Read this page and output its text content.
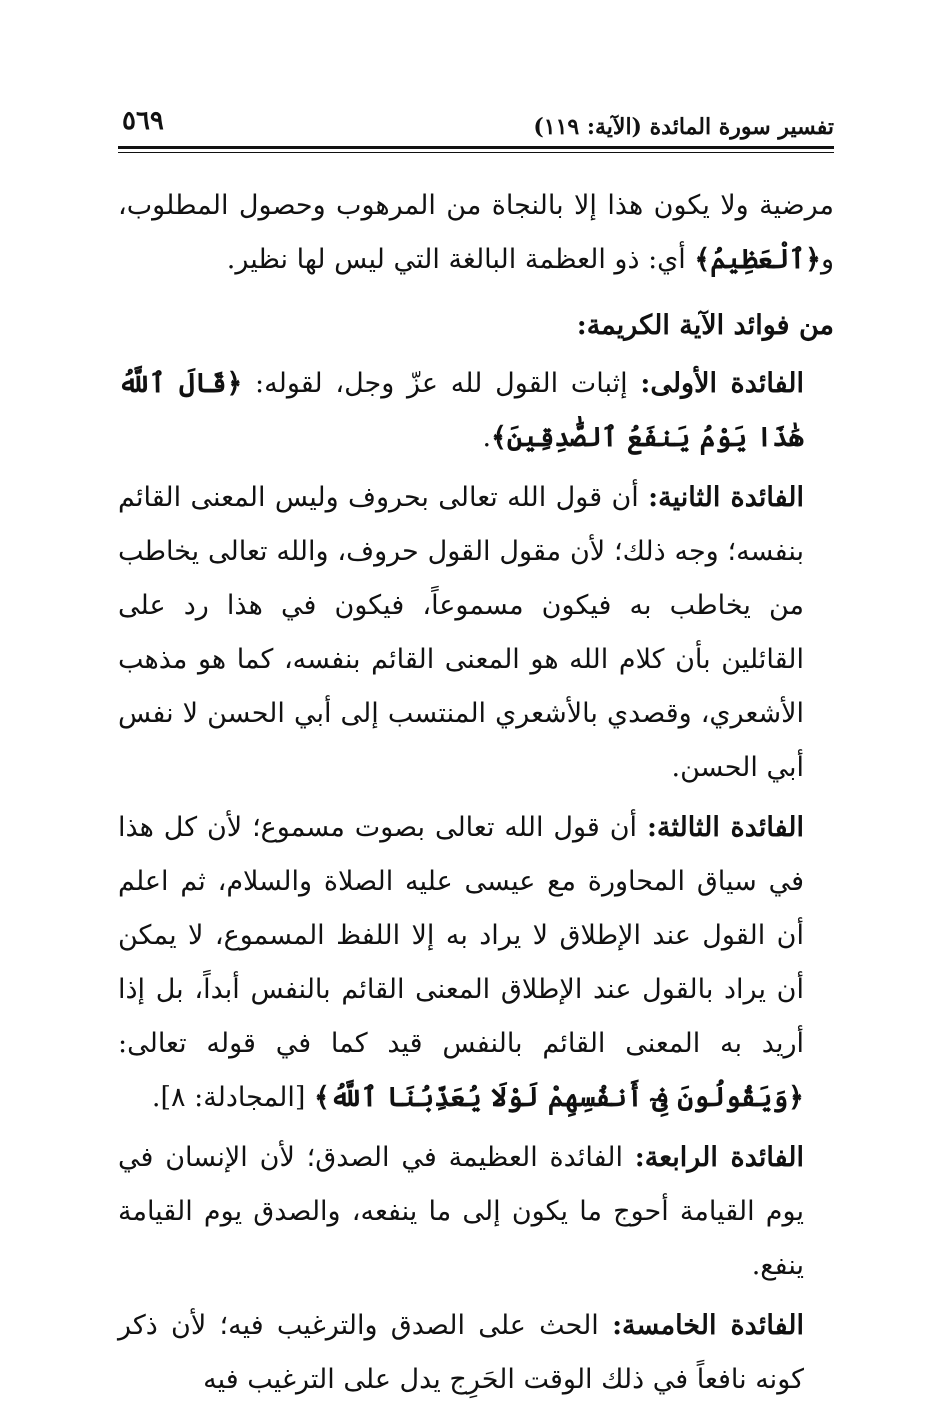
تفسير سورة المائدة (الآية: ١١٩)
٥٦٩

مرضية ولا يكون هذا إلا بالنجاة من المرهوب وحصول المطلوب، و﴿ٱلْعَظِيمُ﴾ أي: ذو العظمة البالغة التي ليس لها نظير.

من فوائد الآية الكريمة:

الفائدة الأولى: إثبات القول لله عزّ وجل، لقوله: ﴿قَالَ ٱللَّهُ هَٰذَا يَوْمُ يَنفَعُ ٱلصَّٰدِقِينَ﴾.

الفائدة الثانية: أن قول الله تعالى بحروف وليس المعنى القائم بنفسه؛ وجه ذلك؛ لأن مقول القول حروف، والله تعالى يخاطب من يخاطب به فيكون مسموعاً، فيكون في هذا رد على القائلين بأن كلام الله هو المعنى القائم بنفسه، كما هو مذهب الأشعري، وقصدي بالأشعري المنتسب إلى أبي الحسن لا نفس أبي الحسن.

الفائدة الثالثة: أن قول الله تعالى بصوت مسموع؛ لأن كل هذا في سياق المحاورة مع عيسى عليه الصلاة والسلام، ثم اعلم أن القول عند الإطلاق لا يراد به إلا اللفظ المسموع، لا يمكن أن يراد بالقول عند الإطلاق المعنى القائم بالنفس أبداً، بل إذا أريد به المعنى القائم بالنفس قيد كما في قوله تعالى: ﴿وَيَقُولُونَ فِىٓ أَنفُسِهِمْ لَوْلَا يُعَذِّبُنَا ٱللَّهُ﴾ [المجادلة: ٨].

الفائدة الرابعة: الفائدة العظيمة في الصدق؛ لأن الإنسان في يوم القيامة أحوج ما يكون إلى ما ينفعه، والصدق يوم القيامة ينفع.

الفائدة الخامسة: الحث على الصدق والترغيب فيه؛ لأن ذكر كونه نافعاً في ذلك الوقت الحَرِج يدل على الترغيب فيه
